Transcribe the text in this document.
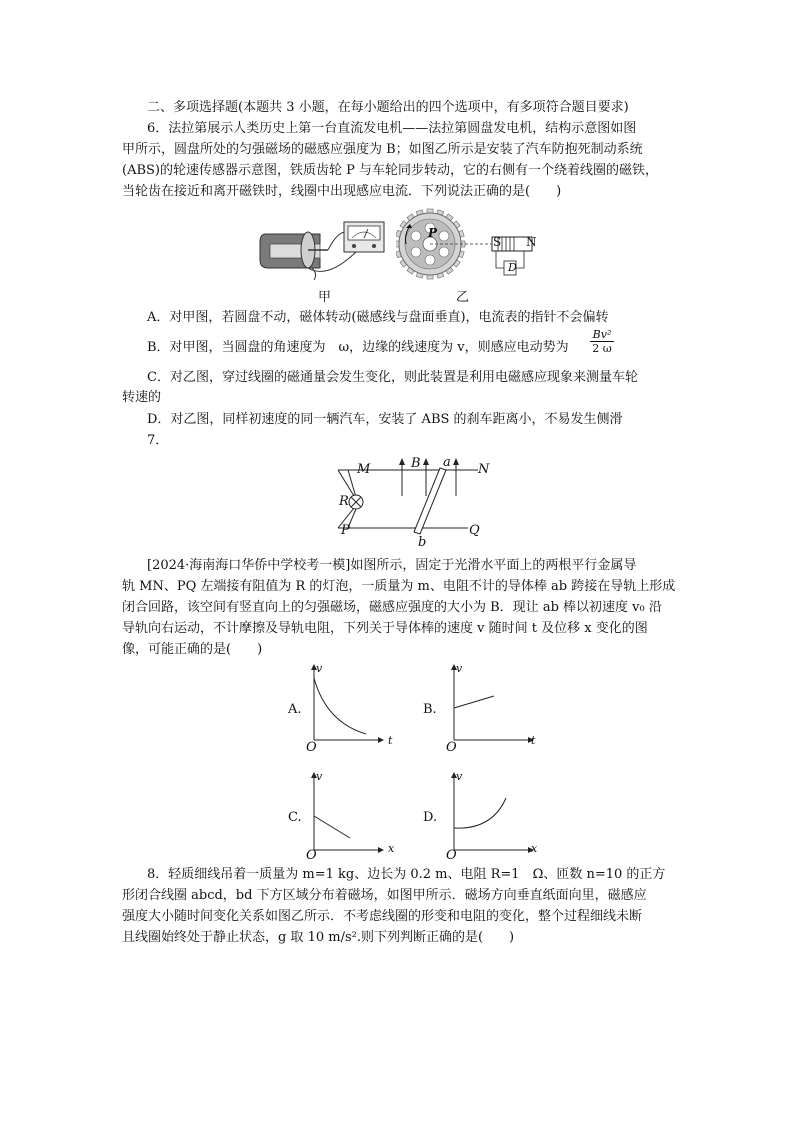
二、多项选择题(本题共 3 小题，在每小题给出的四个选项中，有多项符合题目要求)
6．法拉第展示人类历史上第一台直流发电机——法拉第圆盘发电机，结构示意图如图
甲所示，圆盘所处的匀强磁场的磁感应强度为 B；如图乙所示是安装了汽车防抱死制动系统
(ABS)的轮速传感器示意图，铁质齿轮 P 与车轮同步转动，它的右侧有一个绕着线圈的磁铁，
当轮齿在接近和离开磁铁时，线圈中出现感应电流．下列说法正确的是(　　)
甲
P
S N
D
乙
A．对甲图，若圆盘不动，磁体转动(磁感线与盘面垂直)，电流表的指针不会偏转
B．对甲图，当圆盘的角速度为　ω，边缘的线速度为 v，则感应电动势为 $\frac{\text{Bv²}}{2 \omega}$
C．对乙图，穿过线圈的磁通量会发生变化，则此装置是利用电磁感应现象来测量车轮
转速的
D．对乙图，同样初速度的同一辆汽车，安装了 ABS 的刹车距离小，不易发生侧滑
7．
M	N
P	Q
R
B a
b
[2024·海南海口华侨中学校考一模]如图所示，固定于光滑水平面上的两根平行金属导
轨 MN、PQ 左端接有阻值为 R 的灯泡，一质量为 m、电阻不计的导体棒 ab 跨接在导轨上形成
闭合回路，该空间有竖直向上的匀强磁场，磁感应强度的大小为 B．现让 ab 棒以初速度 v₀ 沿
导轨向右运动，不计摩擦及导轨电阻，下列关于导体棒的速度 v 随时间 t 及位移 x 变化的图
像，可能正确的是(　　)
A.
v
t
O
B.
v
t
O
C.
v
x
O
D.
v
x
O
8．轻质细线吊着一质量为 m=1 kg、边长为 0.2 m、电阻 R=1　Ω、匝数 n=10 的正方
形闭合线圈 abcd，bd 下方区域分布着磁场，如图甲所示．磁场方向垂直纸面向里，磁感应
强度大小随时间变化关系如图乙所示．不考虑线圈的形变和电阻的变化，整个过程细线未断
且线圈始终处于静止状态，g 取 10 m/s².则下列判断正确的是(　　)
